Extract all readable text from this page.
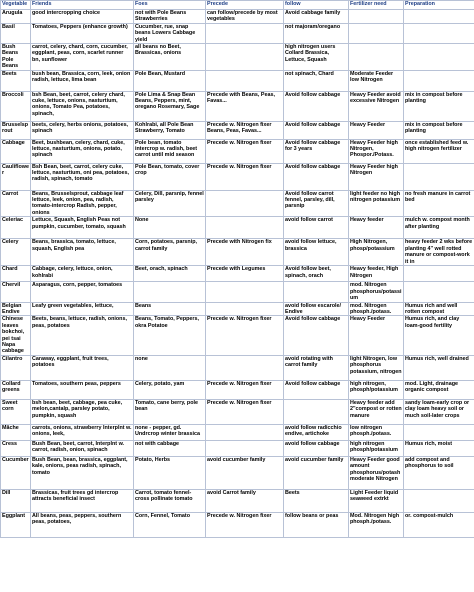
Vegetable	Friends	Foes	Precede	follow	Fertilizer need	Preparation
Arugula	good intercropping choice	not with Pole Beans Strawberries	can follow/precede by most vegetables	Avoid cabbage family		
Basil	Tomatoes, Peppers (enhance growth)	Cucumber, rue, snap beans Lowers Cabbage yield		not majoram/oregano		
Bush Beans Pole Beans	carrot, celery, chard, corn, cucumber, eggplant, peas, corn, scarlet runner bn, sunflower	all beans no Beet, Brassicas, onions		high nitrogen users Collard Brassica, Lettuce, Squash		
Beets	bush bean, Brassica, corn, leek, onion radish, lettuce, lima bean	Pole Bean, Mustard		not spinach, Chard	Moderate Feeder low Nitrogen	
Broccoli	bsh Bean, beet, carrot, celery chard, cuke, lettuce, onions, nasturtium, onions, Tomato Pea, potatoes, spinach,	Pole Lima & Snap Bean Beans, Peppers, mint, oregano Rosemary, Sage	Precede with Beans, Peas, Favas...	Avoid follow cabbage	Heavy Feeder avoid excessive Nitrogen	mix in compost before planting
Brusselsprout	beets, celery, herbs onions, potatoes, spinach	Kohlrabi, all Pole Bean Strawberry, Tomato	Precede w. Nitrogen fixer Beans, Peas, Favas...	Avoid follow cabbage	Heavy Feeder	mix in compost before planting
Cabbage	Beet, bushbean, celery, chard, cuke, lettuce, nasturtium, onions, potato, spinach	Pole bean, tomato intercrop w. radish, beet carrot until mid season	Precede w. Nitrogen fixer	Avoid follow cabbage for 3 years	Heavy Feeder high Nitrogen, Phospor./Potass.	once established feed w. high nitrogen fertilizer
Cauliflower	Bsh Bean, beet, carrot, celery cuke, lettuce, nasturtium, oni pea, potatoes, radish, spinach, tomato	Pole Bean, tomato, cover crop	Precede w. Nitrogen fixer	Avoid follow cabbage	Heavy Feeder high Nitrogen	
Carrot	Beans, Brusselsprout, cabbage leaf lettuce, leek, onion, pea, radish, tomato-intercrop Radish, pepper, onions	Celery, Dill, parsnip, fennel parsley		Avoid follow carrot fennel, parsley, dill, parsnip	light feeder no high nitrogen potassium	no fresh manure in carrot bed
Celeriac	Lettuce, Squash, English Peas not pumpkin, cucumber, tomato, squash	None		avoid follow carrot	Heavy feeder	mulch w. compost month after planting
Celery	Beans, brassica, tomato, lettuce, squash, English pea	Corn, potatoes, parsnip, carrot family	Precede with Nitrogen fix	avoid follow lettuce, brassica	High Nitrogen, phosp/potassium	heavy feeder 2 wks before planting 4" well rotted manure or compost-work it in
Chard	Cabbage, celery, lettuce, onion, kohlrabi	Beet, orach, spinach	Precede with Legumes	Avoid follow beet, spinach, orach	Heavy feeder, High Nitrogen	
Chervil	Asparagus, corn, pepper, tomatoes				mod. Nitrogen phosphorus/potassium	
Belgian Endive	Leafy green vegetables, lettuce,	Beans		avoid follow escarole/ Endive	mod. Nitrogen phosph./potass.	Humus rich and well rotten compost
Chinese leaves bokchoi, pei tsai Napa cabbage	Beets, beans, lettuce, radish, onions, peas, potatoes	Beans, Tomato, Peppers, okra Potatoe	Precede w. Nitrogen fixer	Avoid follow cabbage	Heavy Feeder	Humus rich, and clay loam-good fertility
Cilantro	Caraway, eggplant, fruit trees, potatoes	none		avoid rotating with carrot family	light Nitrogen, low phosphorus potassium, nitrogen	Humus rich, well drained
Collard greens	Tomatoes, southern peas, peppers	Celery, potato, yam	Precede w. Nitrogen fixer	Avoid follow cabbage	high nitrogen, phosph/potassium	mod. Light, drainage organic compost
Sweet corn	bsh bean, beet, cabbage, pea cuke, melon,cantalp, parsley potato, pumpkin, squash	Tomato, cane berry, pole bean	Precede w. Nitrogen fixer		Heavy feeder add 2"compost or rotten manure	sandy loam-early crop or clay loam heavy soil or much soil-later crops
Mâche	carrots, onions, strawberry Interplnt w. onions, leek,	none - pepper, gd. Undrcrop winter brassica		avoid follow radicchio endive, artichoke	low nitrogen phosph./potass.	
Cress	Bush Bean, beet, carrot, Interplnt w. carrot, radish, onion, spinach	not with cabbage		avoid follow cabbage	high nitrogen phosph/potassium	Humus rich, moist
Cucumber	Bush Bean, bean, brassica, eggplant, kale, onions, peas radish, spinach, tomato	Potato, Herbs	avoid cucumber family	avoid cucumber family	Heavy Feeder good amount phosphorus/potash moderate Nitrogen	add compost and phosphorus to soil
Dill	Brassicas, fruit trees gd intercrop attracts beneficial insect	Carrot, tomato fennel-cross pollinate tomato	avoid Carrot family	Beets	Light Feeder liquid seaweed extrkt	
Eggplant	All beans, peas, peppers, southern peas, potatoes,	Corn, Fennel, Tomato	Precede w. Nitrogen fixer	follow beans or peas	Mod. Nitrogen high phosph./potass.	or. compost-mulch
